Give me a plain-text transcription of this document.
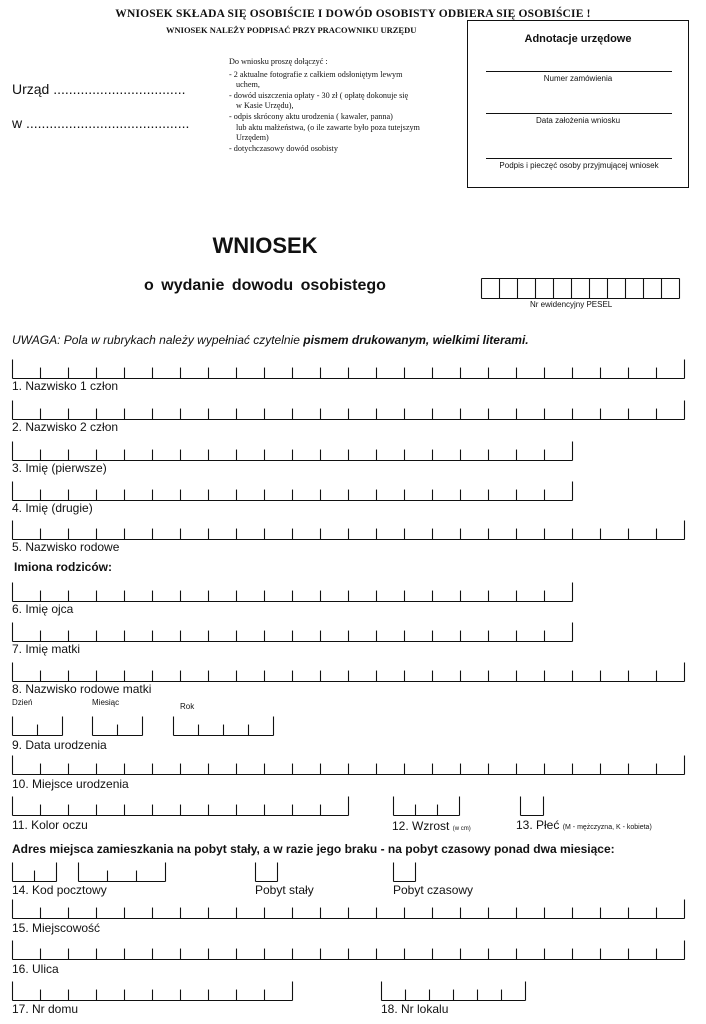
WNIOSEK SKŁADA SIĘ OSOBIŚCIE I DOWÓD OSOBISTY ODBIERA SIĘ OSOBIŚCIE !
WNIOSEK NALEŻY PODPISAĆ PRZY PRACOWNIKU URZĘDU
Adnotacje urzędowe
Numer zamówienia
Data założenia wniosku
Podpis i pieczęć osoby przyjmującej wniosek
Urząd ..................................
w ..........................................
Do wniosku proszę dołączyć :
- 2 aktualne fotografie z całkiem odsłoniętym lewym
uchem,
- dowód uiszczenia opłaty - 30 zł ( opłatę dokonuje się
w Kasie Urzędu),
- odpis skrócony aktu urodzenia ( kawaler, panna)
lub aktu małżeństwa, (o ile zawarte było poza tutejszym
Urzędem)
- dotychczasowy dowód osobisty
WNIOSEK
o wydanie dowodu osobistego
Nr ewidencyjny PESEL
UWAGA: Pola w rubrykach należy wypełniać czytelnie pismem drukowanym, wielkimi literami.
1. Nazwisko 1 człon
2. Nazwisko 2 człon
3. Imię (pierwsze)
4. Imię (drugie)
5. Nazwisko rodowe
Imiona rodziców:
6. Imię ojca
7. Imię matki
8. Nazwisko rodowe matki
Dzień	Miesiąc	Rok
9. Data urodzenia
10. Miejsce urodzenia
11. Kolor oczu	12. Wzrost (w cm)	13. Płeć (M - mężczyzna, K - kobieta)
Adres miejsca zamieszkania na pobyt stały, a w razie jego braku - na pobyt czasowy ponad dwa miesiące:
14. Kod pocztowy	Pobyt stały	Pobyt czasowy
15. Miejscowość
16. Ulica
17. Nr domu	18. Nr lokalu
